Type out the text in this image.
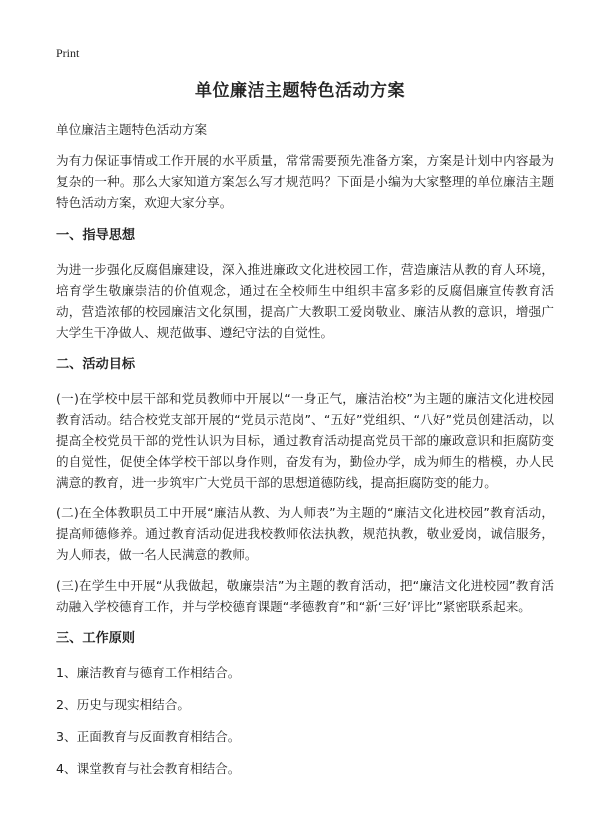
Print
单位廉洁主题特色活动方案

单位廉洁主题特色活动方案

为有力保证事情或工作开展的水平质量，常常需要预先准备方案，方案是计划中内容最为复杂的一种。那么大家知道方案怎么写才规范吗？下面是小编为大家整理的单位廉洁主题特色活动方案，欢迎大家分享。

一、指导思想

为进一步强化反腐倡廉建设，深入推进廉政文化进校园工作，营造廉洁从教的育人环境，培育学生敬廉崇洁的价值观念，通过在全校师生中组织丰富多彩的反腐倡廉宣传教育活动，营造浓郁的校园廉洁文化氛围，提高广大教职工爱岗敬业、廉洁从教的意识，增强广大学生干净做人、规范做事、遵纪守法的自觉性。

二、活动目标

(一)在学校中层干部和党员教师中开展以“一身正气，廉洁治校”为主题的廉洁文化进校园教育活动。结合校党支部开展的“党员示范岗”、“五好”党组织、“八好”党员创建活动，以提高全校党员干部的党性认识为目标，通过教育活动提高党员干部的廉政意识和拒腐防变的自觉性，促使全体学校干部以身作则，奋发有为，勤俭办学，成为师生的楷模，办人民满意的教育，进一步筑牢广大党员干部的思想道德防线，提高拒腐防变的能力。

(二)在全体教职员工中开展“廉洁从教、为人师表”为主题的“廉洁文化进校园”教育活动，提高师德修养。通过教育活动促进我校教师依法执教，规范执教，敬业爱岗，诚信服务，为人师表，做一名人民满意的教师。

(三)在学生中开展“从我做起，敬廉崇洁”为主题的教育活动，把“廉洁文化进校园”教育活动融入学校德育工作，并与学校德育课题“孝德教育”和“新‘三好’评比”紧密联系起来。

三、工作原则

1、廉洁教育与德育工作相结合。

2、历史与现实相结合。

3、正面教育与反面教育相结合。

4、课堂教育与社会教育相结合。
